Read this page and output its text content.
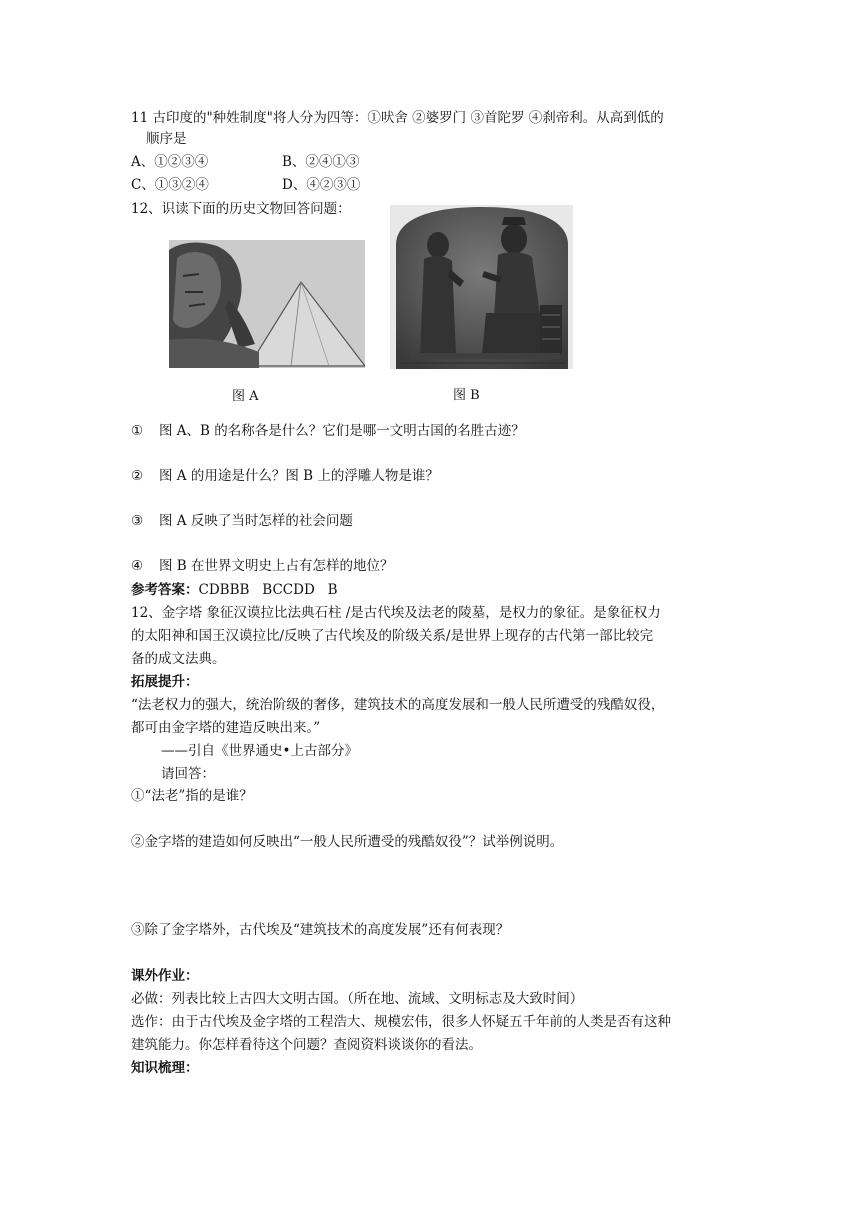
11 古印度的"种姓制度"将人分为四等：①吠舍 ②婆罗门 ③首陀罗 ④刹帝利。从高到低的
顺序是
A、①②③④	B、②④①③
C、①③②④	D、④②③①
12、识读下面的历史文物回答问题：
图 A	图 B
① 图 A、B 的名称各是什么？它们是哪一文明古国的名胜古迹？
② 图 A 的用途是什么？图 B 上的浮雕人物是谁？
③ 图 A 反映了当时怎样的社会问题
④ 图 B 在世界文明史上占有怎样的地位？
参考答案：CDBBB   BCCDD   B
12、金字塔 象征汉谟拉比法典石柱 /是古代埃及法老的陵墓，是权力的象征。是象征权力
的太阳神和国王汉谟拉比/反映了古代埃及的阶级关系/是世界上现存的古代第一部比较完
备的成文法典。
拓展提升：
“法老权力的强大，统治阶级的奢侈，建筑技术的高度发展和一般人民所遭受的残酷奴役，
都可由金字塔的建造反映出来。”
——引自《世界通史•上古部分》
请回答：
①“法老”指的是谁？
②金字塔的建造如何反映出“一般人民所遭受的残酷奴役”？试举例说明。
③除了金字塔外，古代埃及“建筑技术的高度发展”还有何表现？
课外作业：
必做：列表比较上古四大文明古国。（所在地、流域、文明标志及大致时间）
选作：由于古代埃及金字塔的工程浩大、规模宏伟，很多人怀疑五千年前的人类是否有这种
建筑能力。你怎样看待这个问题？查阅资料谈谈你的看法。
知识梳理：
